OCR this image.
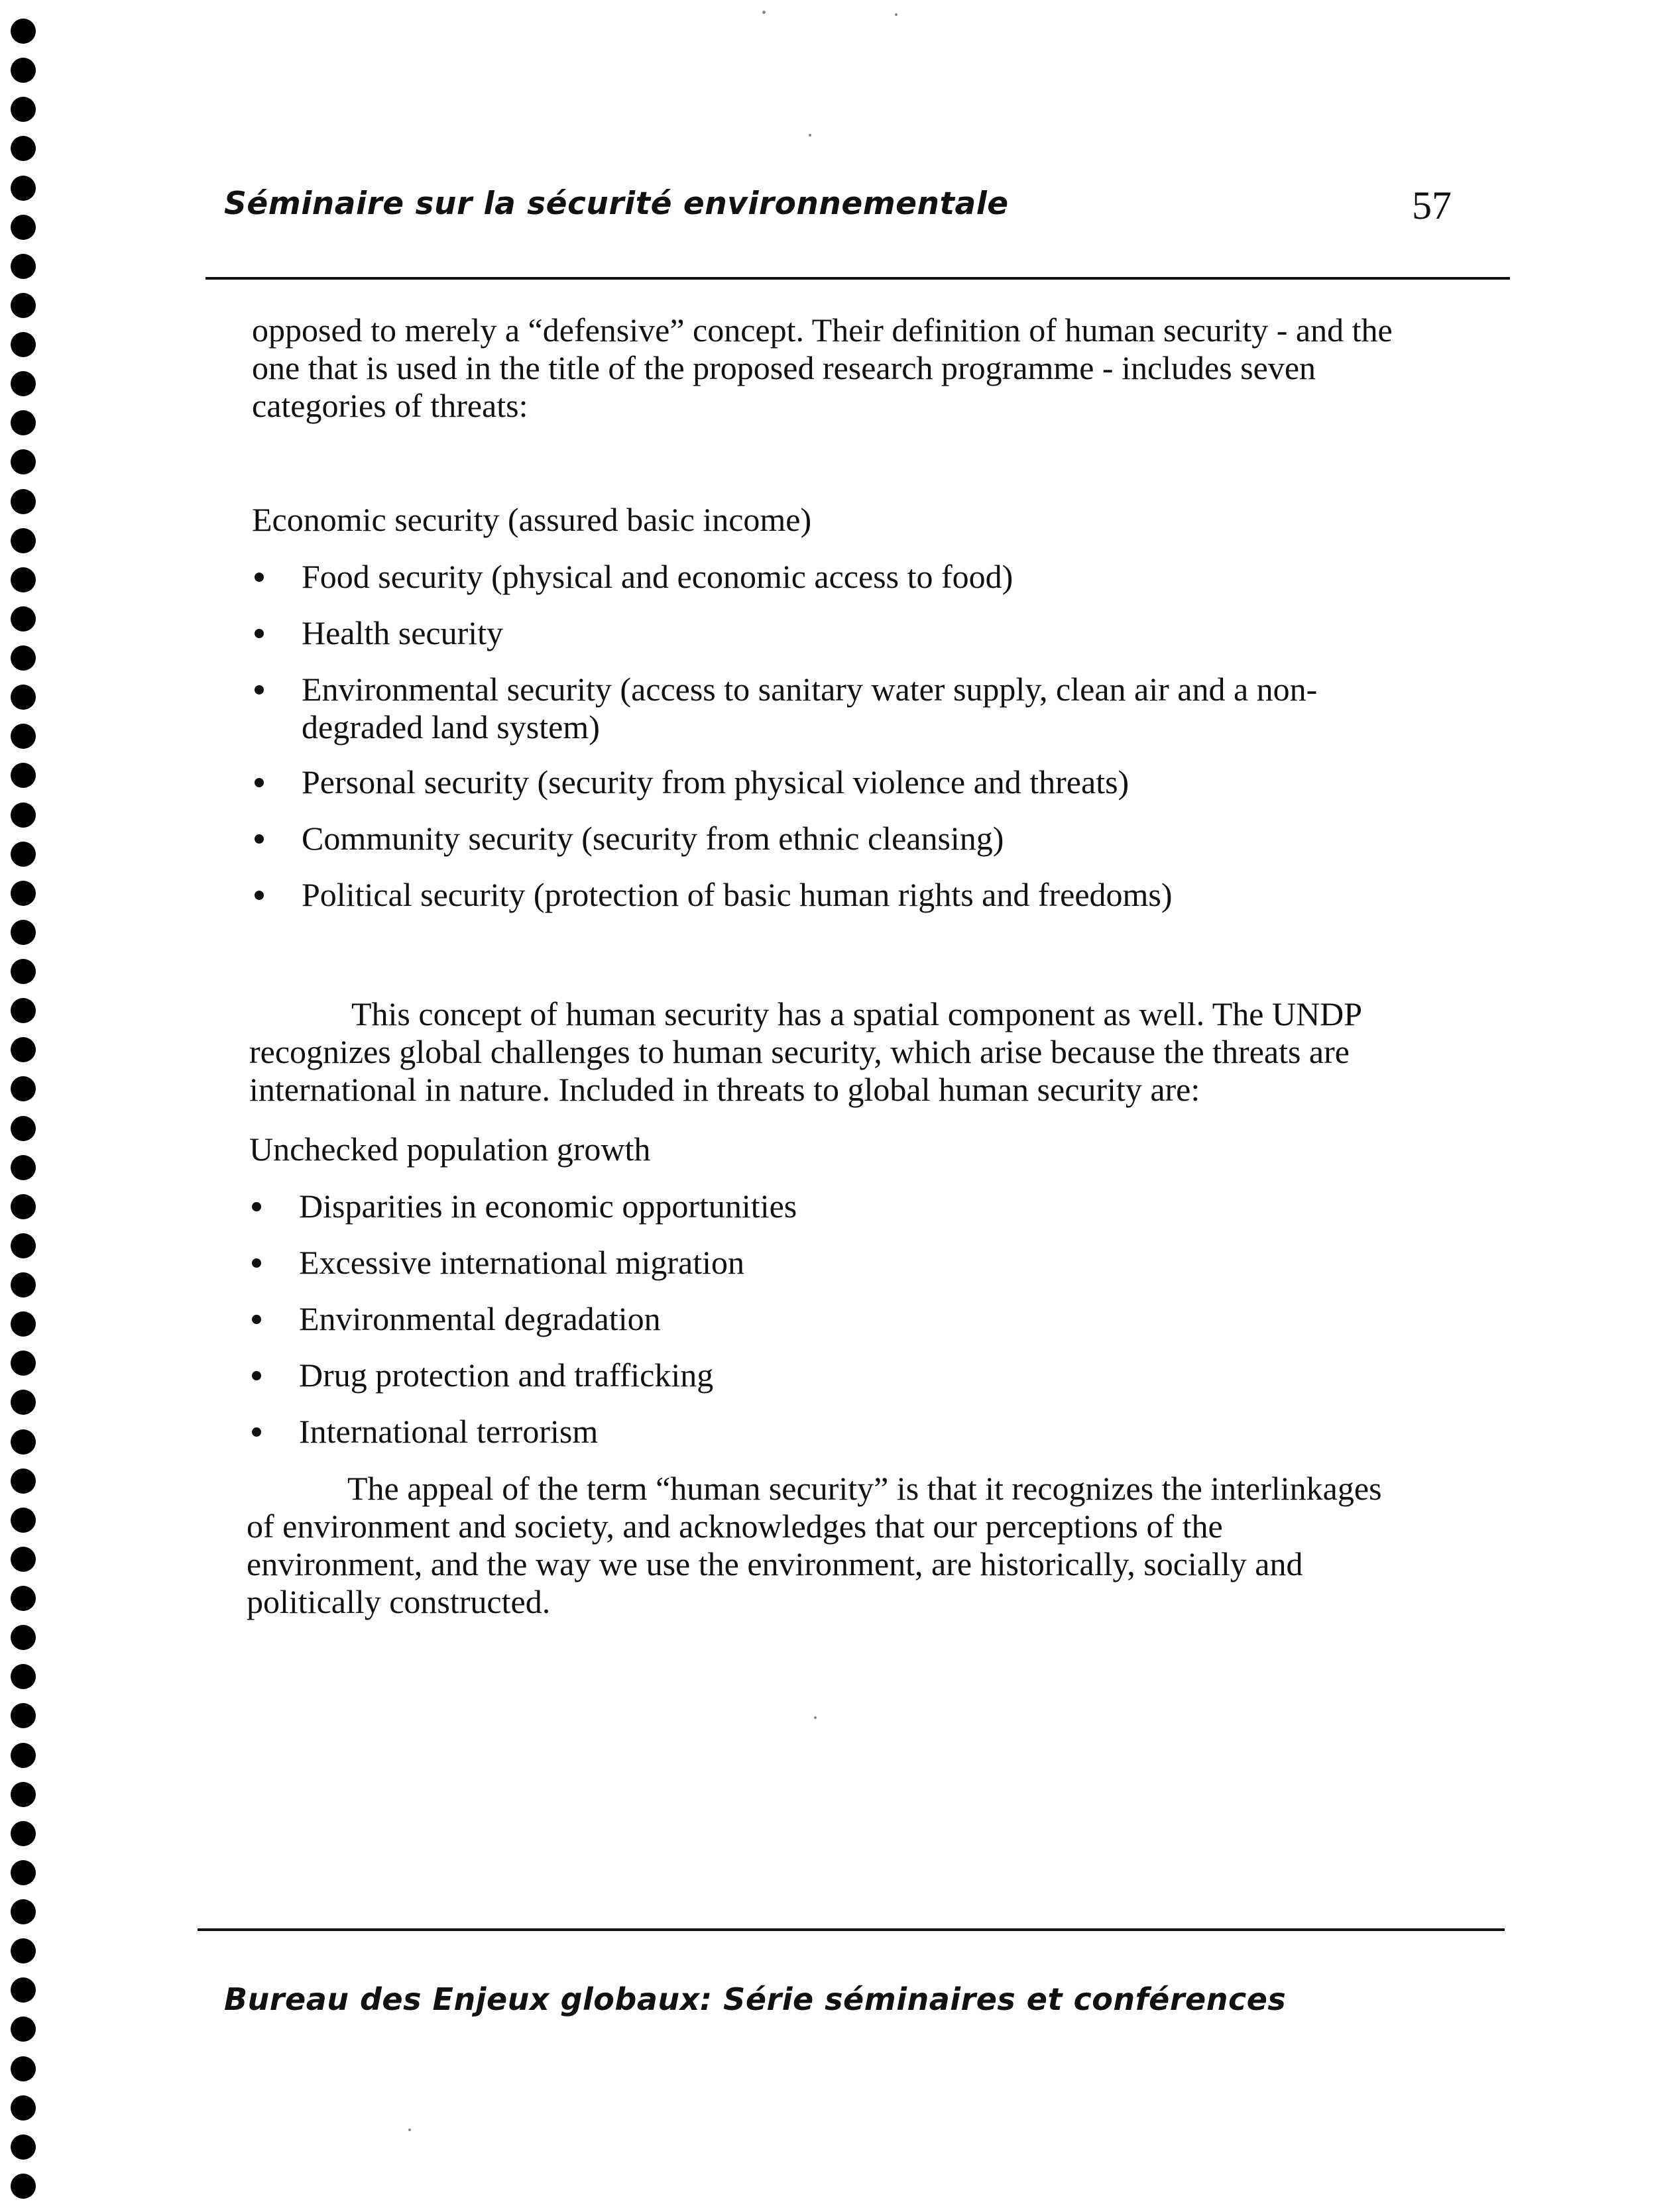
Séminaire sur la sécurité environnementale	57
opposed to merely a “defensive” concept. Their definition of human security - and the
one that is used in the title of the proposed research programme - includes seven
categories of threats:
Economic security (assured basic income)
Food security (physical and economic access to food)
Health security
Environmental security (access to sanitary water supply, clean air and a non-
degraded land system)
Personal security (security from physical violence and threats)
Community security (security from ethnic cleansing)
Political security (protection of basic human rights and freedoms)
This concept of human security has a spatial component as well. The UNDP
recognizes global challenges to human security, which arise because the threats are
international in nature. Included in threats to global human security are:
Unchecked population growth
Disparities in economic opportunities
Excessive international migration
Environmental degradation
Drug protection and trafficking
International terrorism
The appeal of the term “human security” is that it recognizes the interlinkages
of environment and society, and acknowledges that our perceptions of the
environment, and the way we use the environment, are historically, socially and
politically constructed.
Bureau des Enjeux globaux: Série séminaires et conférences
